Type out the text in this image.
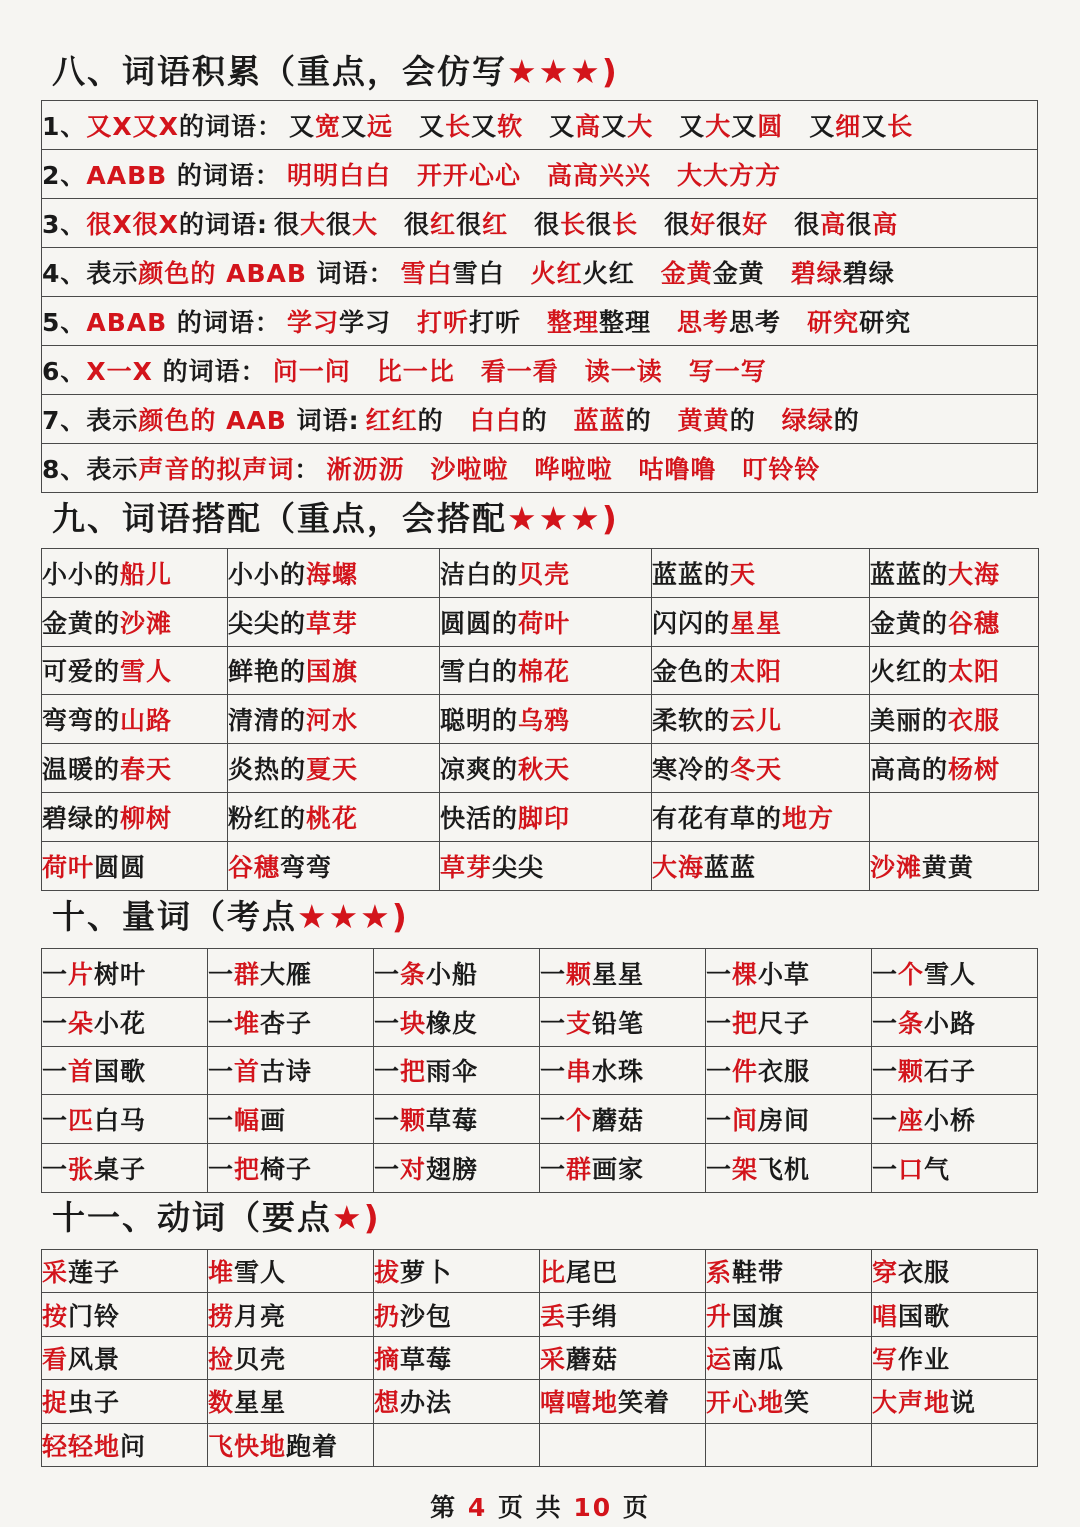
八、词语积累（重点，会仿写★★★)
1、又X又X的词语： 又宽又远 又长又软 又高又大 又大又圆 又细又长
2、AABB 的词语： 明明白白 开开心心 高高兴兴 大大方方
3、很X很X的词语: 很大很大 很红很红 很长很长 很好很好 很高很高
4、表示颜色的 ABAB 词语： 雪白雪白 火红火红 金黄金黄 碧绿碧绿
5、ABAB 的词语： 学习学习 打听打听 整理整理 思考思考 研究研究
6、X一X 的词语： 问一问 比一比 看一看 读一读 写一写
7、表示颜色的 AAB 词语: 红红的 白白的 蓝蓝的 黄黄的 绿绿的
8、表示声音的拟声词： 淅沥沥 沙啦啦 哗啦啦 咕噜噜 叮铃铃
九、词语搭配（重点，会搭配★★★)
小小的船儿	小小的海螺	洁白的贝壳	蓝蓝的天	蓝蓝的大海
金黄的沙滩	尖尖的草芽	圆圆的荷叶	闪闪的星星	金黄的谷穗
可爱的雪人	鲜艳的国旗	雪白的棉花	金色的太阳	火红的太阳
弯弯的山路	清清的河水	聪明的乌鸦	柔软的云儿	美丽的衣服
温暖的春天	炎热的夏天	凉爽的秋天	寒冷的冬天	高高的杨树
碧绿的柳树	粉红的桃花	快活的脚印	有花有草的地方	
荷叶圆圆	谷穗弯弯	草芽尖尖	大海蓝蓝	沙滩黄黄
十、量词（考点★★★)
一片树叶	一群大雁	一条小船	一颗星星	一棵小草	一个雪人
一朵小花	一堆杏子	一块橡皮	一支铅笔	一把尺子	一条小路
一首国歌	一首古诗	一把雨伞	一串水珠	一件衣服	一颗石子
一匹白马	一幅画	一颗草莓	一个蘑菇	一间房间	一座小桥
一张桌子	一把椅子	一对翅膀	一群画家	一架飞机	一口气
十一、动词（要点★)
采莲子	堆雪人	拔萝卜	比尾巴	系鞋带	穿衣服
按门铃	捞月亮	扔沙包	丢手绢	升国旗	唱国歌
看风景	捡贝壳	摘草莓	采蘑菇	运南瓜	写作业
捉虫子	数星星	想办法	嘻嘻地笑着	开心地笑	大声地说
轻轻地问	飞快地跑着				
第 4 页 共 10 页
